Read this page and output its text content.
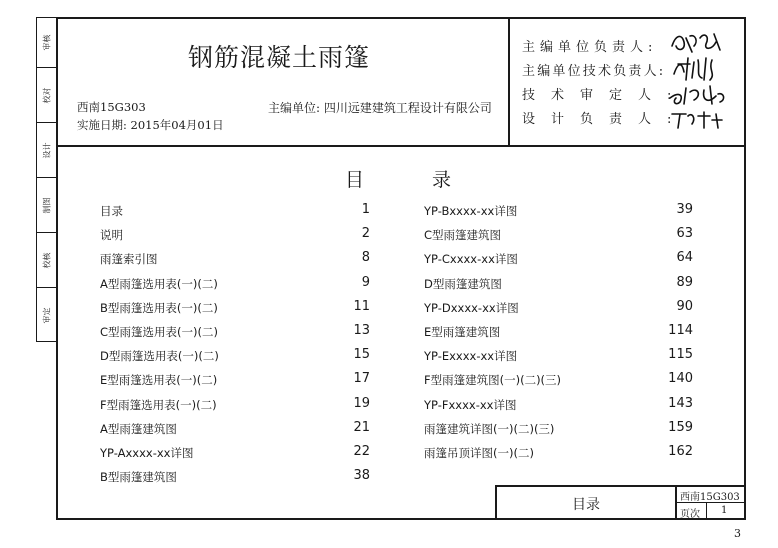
审核
校对
设计
制图
校核
审定
钢筋混凝土雨篷
西南15G303
实施日期: 2015年04月01日
主编单位: 四川远建建筑工程设计有限公司
主编单位负责人:
主编单位技术负责人:
技术审定人:
设计负责人:
目	录
目录	1
说明	2
雨篷索引图	8
A型雨篷选用表(一)(二)	9
B型雨篷选用表(一)(二)	11
C型雨篷选用表(一)(二)	13
D型雨篷选用表(一)(二)	15
E型雨篷选用表(一)(二)	17
F型雨篷选用表(一)(二)	19
A型雨篷建筑图	21
YP-Axxxx-xx详图	22
B型雨篷建筑图	38
YP-Bxxxx-xx详图	39
C型雨篷建筑图	63
YP-Cxxxx-xx详图	64
D型雨篷建筑图	89
YP-Dxxxx-xx详图	90
E型雨篷建筑图	114
YP-Exxxx-xx详图	115
F型雨篷建筑图(一)(二)(三)	140
YP-Fxxxx-xx详图	143
雨篷建筑详图(一)(二)(三)	159
雨篷吊顶详图(一)(二)	162
目录	西南15G303
页次 1
3
